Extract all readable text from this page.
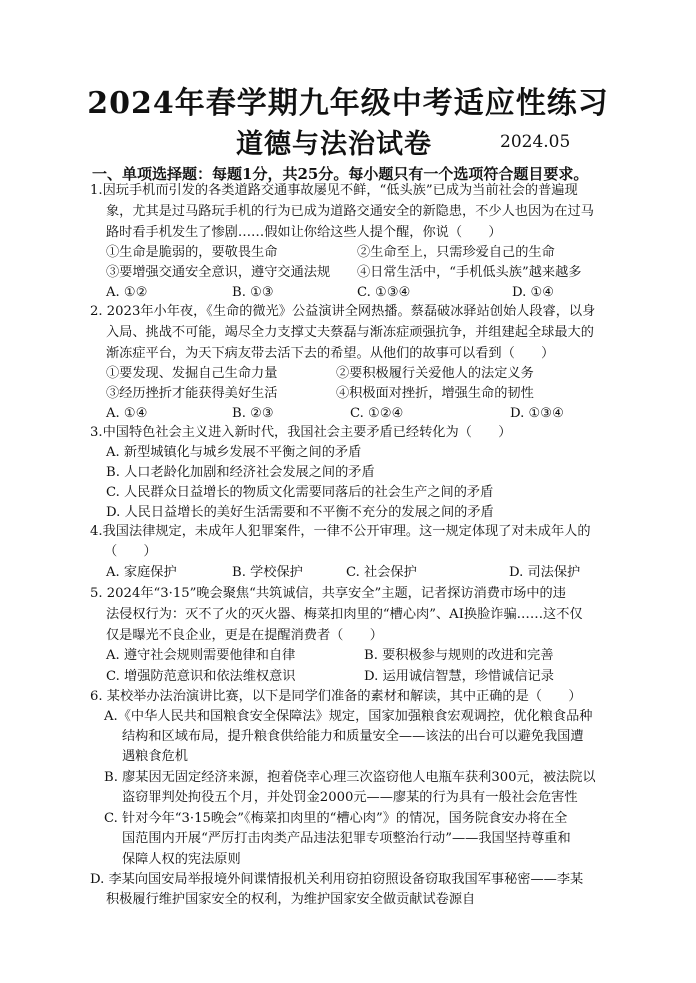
2024年春学期九年级中考适应性练习
道德与法治试卷	2024.05
一、单项选择题：每题1分，共25分。每小题只有一个选项符合题目要求。
1.因玩手机而引发的各类道路交通事故屡见不鲜，“低头族”已成为当前社会的普遍现
象，尤其是过马路玩手机的行为已成为道路交通安全的新隐患，不少人也因为在过马
路时看手机发生了惨剧……假如让你给这些人提个醒，你说（　　）
①生命是脆弱的，要敬畏生命	②生命至上，只需珍爱自己的生命
③要增强交通安全意识，遵守交通法规 ④日常生活中，“手机低头族”越来越多
A. ①②	B. ①③	C. ①③④	D. ①④
2. 2023年小年夜，《生命的微光》公益演讲全网热播。蔡磊破冰驿站创始人段睿，以身
入局、挑战不可能，竭尽全力支撑丈夫蔡磊与渐冻症顽强抗争，并组建起全球最大的
渐冻症平台，为天下病友带去活下去的希望。从他们的故事可以看到（　　）
①要发现、发掘自己生命力量	②要积极履行关爱他人的法定义务
③经历挫折才能获得美好生活	④积极面对挫折，增强生命的韧性
A. ①④	B. ②③	C. ①②④	D. ①③④
3.中国特色社会主义进入新时代，我国社会主要矛盾已经转化为（　　）
A. 新型城镇化与城乡发展不平衡之间的矛盾
B. 人口老龄化加剧和经济社会发展之间的矛盾
C. 人民群众日益增长的物质文化需要同落后的社会生产之间的矛盾
D. 人民日益增长的美好生活需要和不平衡不充分的发展之间的矛盾
4.我国法律规定，未成年人犯罪案件，一律不公开审理。这一规定体现了对未成年人的
（　　）
A. 家庭保护	B. 学校保护	C. 社会保护	D. 司法保护
5. 2024年“3·15”晚会聚焦“共筑诚信，共享安全”主题，记者探访消费市场中的违
法侵权行为：灭不了火的灭火器、梅菜扣肉里的“槽心肉”、AI换脸诈骗……这不仅
仅是曝光不良企业，更是在提醒消费者（　　）
A. 遵守社会规则需要他律和自律	B. 要积极参与规则的改进和完善
C. 增强防范意识和依法维权意识	D. 运用诚信智慧，珍惜诚信记录
6. 某校举办法治演讲比赛，以下是同学们准备的素材和解读，其中正确的是（　　）
A.《中华人民共和国粮食安全保障法》规定，国家加强粮食宏观调控，优化粮食品种
结构和区域布局，提升粮食供给能力和质量安全——该法的出台可以避免我国遭
遇粮食危机
B. 廖某因无固定经济来源，抱着侥幸心理三次盗窃他人电瓶车获利300元，被法院以
盗窃罪判处拘役五个月，并处罚金2000元——廖某的行为具有一般社会危害性
C. 针对今年“3·15晚会”《梅菜扣肉里的“槽心肉”》的情况，国务院食安办将在全
国范围内开展“严厉打击肉类产品违法犯罪专项整治行动”——我国坚持尊重和
保障人权的宪法原则
D. 李某向国安局举报境外间谍情报机关利用窃拍窃照设备窃取我国军事秘密——李某
积极履行维护国家安全的权利，为维护国家安全做贡献试卷源自
